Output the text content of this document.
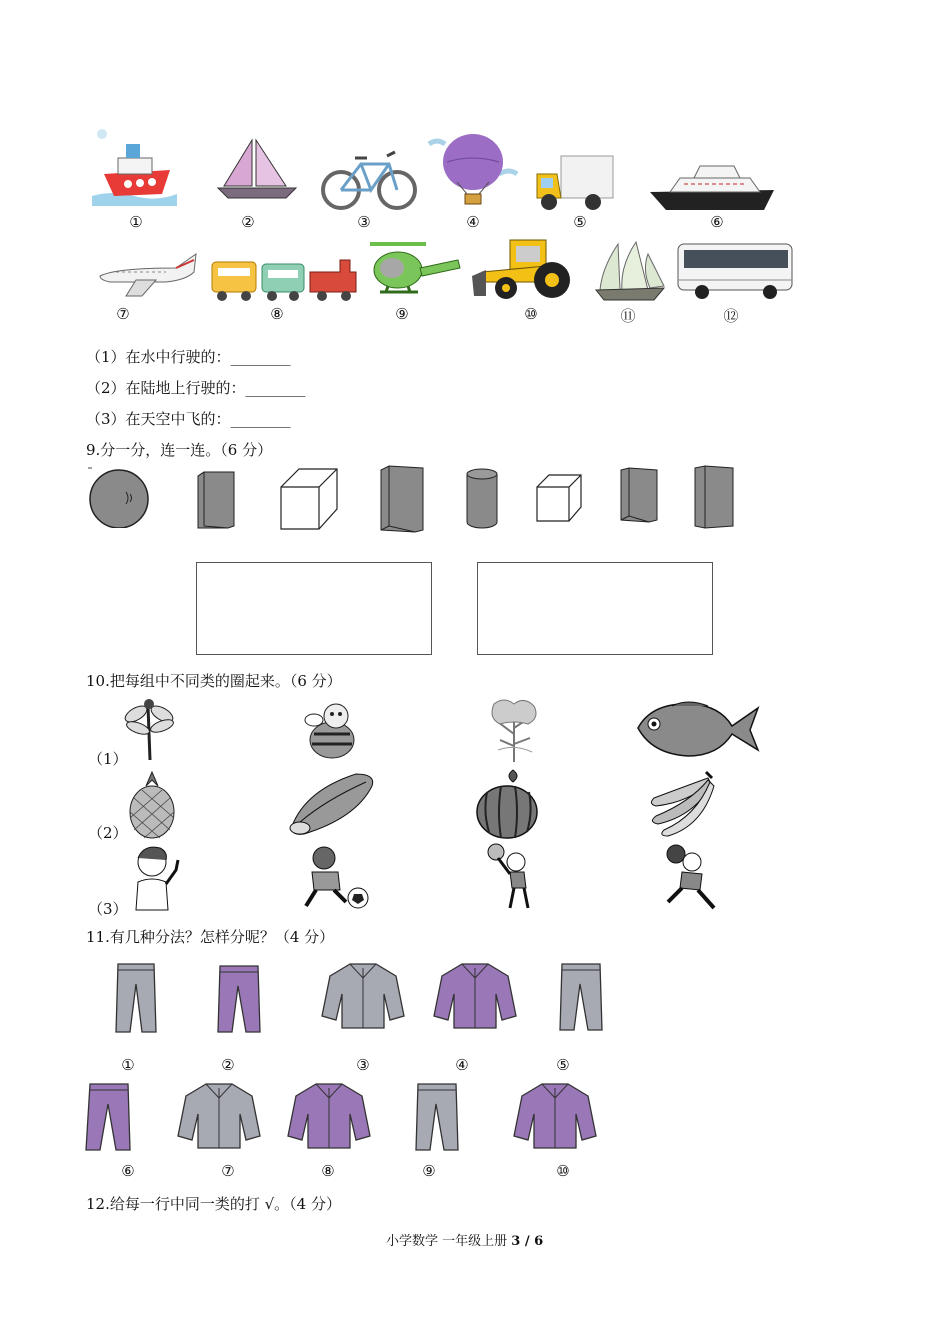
①	②	③	④	⑤	⑥
⑦	⑧	⑨	⑩	⑪	⑫
（1）在水中行驶的：________
（2）在陆地上行驶的：________
（3）在天空中飞的：________
9.分一分，连一连。（6 分）
10.把每组中不同类的圈起来。（6 分）
（1）
（2）
（3）
11.有几种分法？怎样分呢？（4 分）
①	②	③	④	⑤
⑥	⑦	⑧	⑨	⑩
12.给每一行中同一类的打 √。（4 分）
小学数学 一年级上册 3 / 6
